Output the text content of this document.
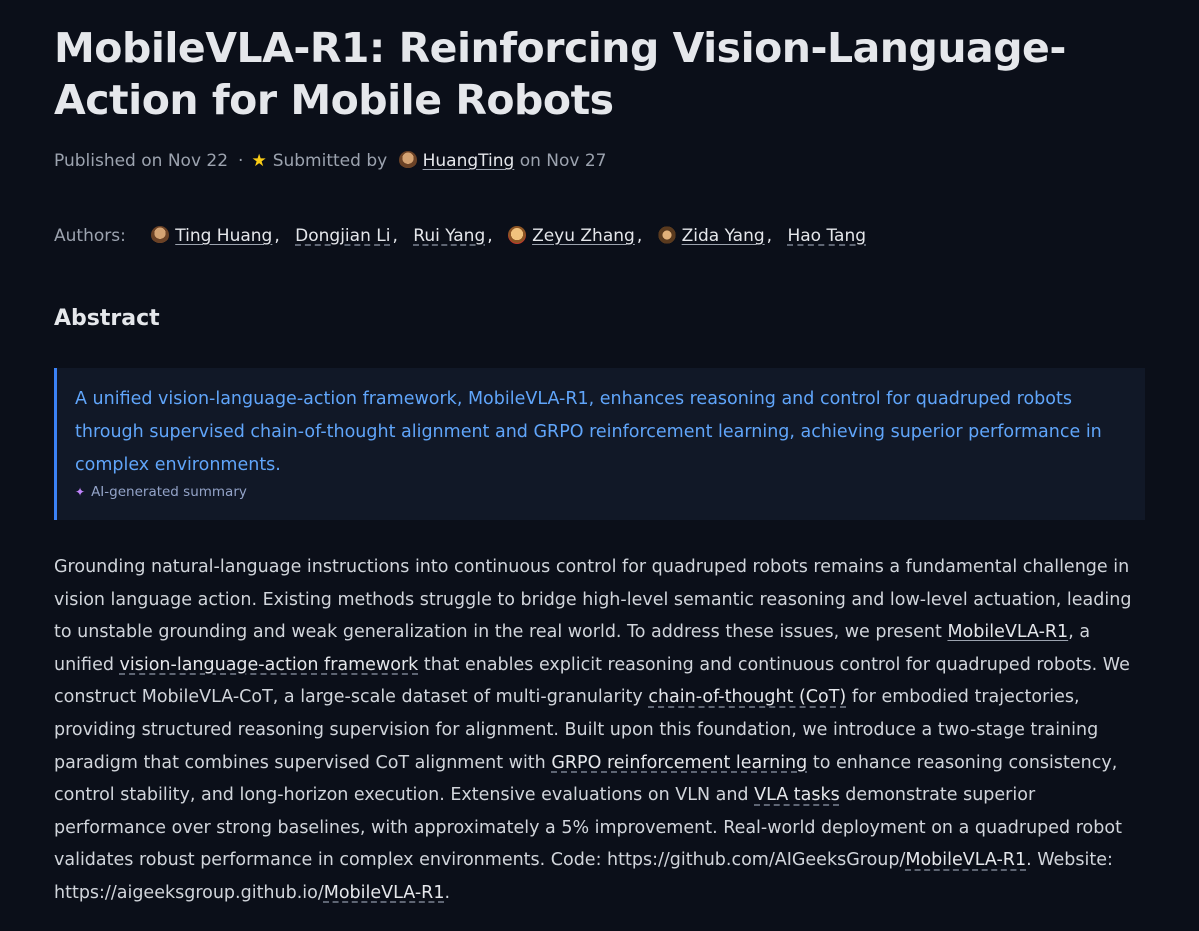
MobileVLA-R1: Reinforcing Vision-Language-Action for Mobile Robots
Published on Nov 22 · ★ Submitted by HuangTing on Nov 27
Authors:	Ting Huang , Dongjian Li , Rui Yang , Zeyu Zhang , Zida Yang , Hao Tang
Abstract
A unified vision-language-action framework, MobileVLA-R1, enhances reasoning and control for quadruped robots through supervised chain-of-thought alignment and GRPO reinforcement learning, achieving superior performance in complex environments.
✦ AI-generated summary
Grounding natural-language instructions into continuous control for quadruped robots remains a fundamental challenge in vision language action. Existing methods struggle to bridge high-level semantic reasoning and low-level actuation, leading to unstable grounding and weak generalization in the real world. To address these issues, we present MobileVLA-R1, a unified vision-language-action framework that enables explicit reasoning and continuous control for quadruped robots. We construct MobileVLA-CoT, a large-scale dataset of multi-granularity chain-of-thought (CoT) for embodied trajectories, providing structured reasoning supervision for alignment. Built upon this foundation, we introduce a two-stage training paradigm that combines supervised CoT alignment with GRPO reinforcement learning to enhance reasoning consistency, control stability, and long-horizon execution. Extensive evaluations on VLN and VLA tasks demonstrate superior performance over strong baselines, with approximately a 5% improvement. Real-world deployment on a quadruped robot validates robust performance in complex environments. Code: https://github.com/AIGeeksGroup/MobileVLA-R1. Website: https://aigeeksgroup.github.io/MobileVLA-R1.
